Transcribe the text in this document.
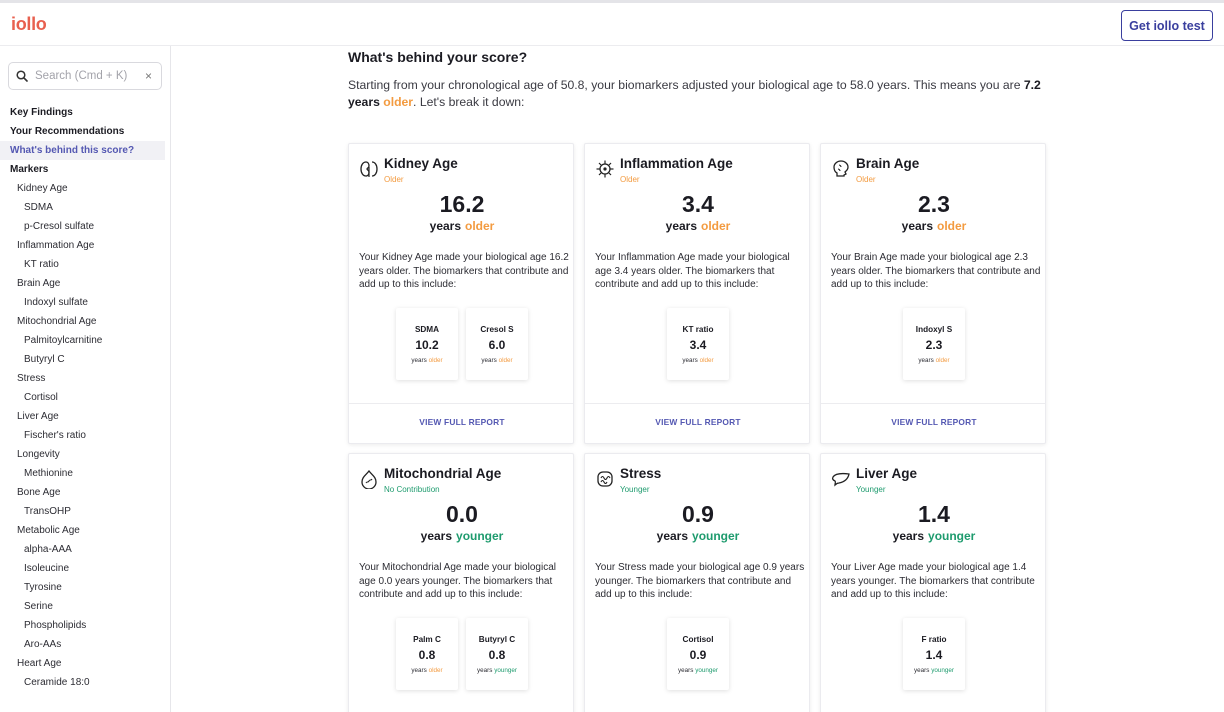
iollo	Get iollo test
Search (Cmd + K)
×
Key Findings
Your Recommendations
What's behind this score?
Markers
Kidney Age
SDMA
p-Cresol sulfate
Inflammation Age
KT ratio
Brain Age
Indoxyl sulfate
Mitochondrial Age
Palmitoylcarnitine
Butyryl C
Stress
Cortisol
Liver Age
Fischer's ratio
Longevity
Methionine
Bone Age
TransOHP
Metabolic Age
alpha-AAA
Isoleucine
Tyrosine
Serine
Phospholipids
Aro-AAs
Heart Age
Ceramide 18:0
What's behind your score?

Starting from your chronological age of 50.8, your biomarkers adjusted your biological age to 58.0 years. This means you are 7.2 years older. Let's break it down:

Kidney Age
Older
16.2
years older
Your Kidney Age made your biological age 16.2 years older. The biomarkers that contribute and add up to this include:
SDMA
10.2
years older
Cresol S
6.0
years older
VIEW FULL REPORT
Inflammation Age
Older
3.4
years older
Your Inflammation Age made your biological age 3.4 years older. The biomarkers that contribute and add up to this include:
KT ratio
3.4
years older
VIEW FULL REPORT
Brain Age
Older
2.3
years older
Your Brain Age made your biological age 2.3 years older. The biomarkers that contribute and add up to this include:
Indoxyl S
2.3
years older
VIEW FULL REPORT
Mitochondrial Age
No Contribution
0.0
years younger
Your Mitochondrial Age made your biological age 0.0 years younger. The biomarkers that contribute and add up to this include:
Palm C
0.8
years older
Butyryl C
0.8
years younger
Stress
Younger
0.9
years younger
Your Stress made your biological age 0.9 years younger. The biomarkers that contribute and add up to this include:
Cortisol
0.9
years younger
Liver Age
Younger
1.4
years younger
Your Liver Age made your biological age 1.4 years younger. The biomarkers that contribute and add up to this include:
F ratio
1.4
years younger
